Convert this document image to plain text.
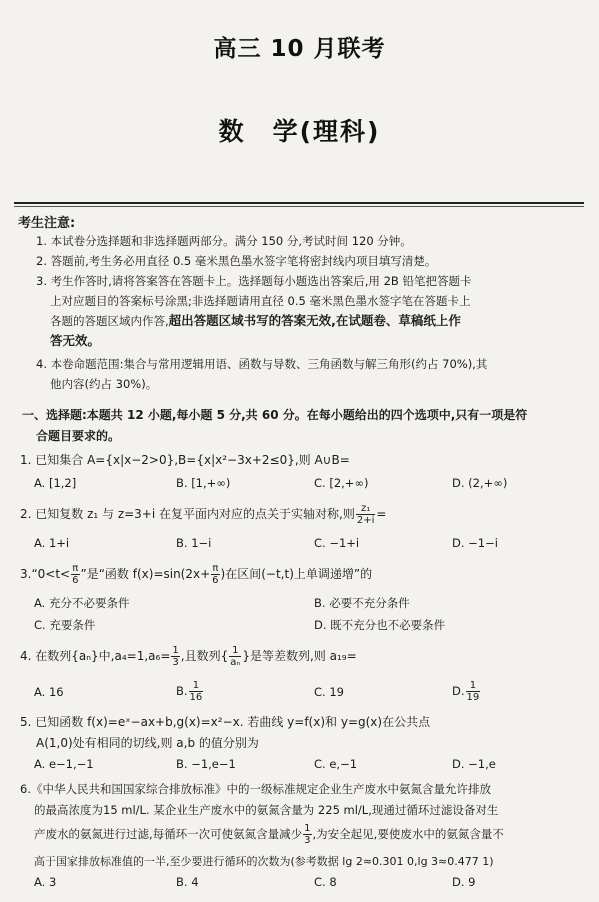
高三 10 月联考
数　学(理科)
考生注意:
1. 本试卷分选择题和非选择题两部分。满分 150 分,考试时间 120 分钟。
2. 答题前,考生务必用直径 0.5 毫米黑色墨水签字笔将密封线内项目填写清楚。
3. 考生作答时,请将答案答在答题卡上。选择题每小题选出答案后,用 2B 铅笔把答题卡
上对应题目的答案标号涂黑;非选择题请用直径 0.5 毫米黑色墨水签字笔在答题卡上
各题的答题区域内作答,超出答题区域书写的答案无效,在试题卷、草稿纸上作
答无效。
4. 本卷命题范围:集合与常用逻辑用语、函数与导数、三角函数与解三角形(约占 70%),其
他内容(约占 30%)。
一、选择题:本题共 12 小题,每小题 5 分,共 60 分。在每小题给出的四个选项中,只有一项是符
合题目要求的。
1. 已知集合 A={x|x−2>0},B={x|x²−3x+2≤0},则 A∪B=
A. [1,2]	B. [1,+∞)	C. [2,+∞)	D. (2,+∞)
2. 已知复数 z₁ 与 z=3+i 在复平面内对应的点关于实轴对称,则 $\frac{\text{z₁}}{2+i}$ =
A. 1+i	B. 1−i	C. −1+i	D. −1−i
3.“0<t< $\frac{\pi}{6}$ ”是“函数 $f(x)=\sin(2x+ \frac{\pi}{6}$ )在区间(−t,t)上单调递增”的
A. 充分不必要条件	B. 必要不充分条件
C. 充要条件	D. 既不充分也不必要条件
4. 在数列{aₙ}中$,a_4=1,a_6= \frac{1}{3}$ ,且数列{ $\frac{1}{\text{aₙ}}$ }是等差数列,则 a₁₉=
A. 16	B. $\frac{1}{16}$	C. 19	D. $\frac{1}{19}$
5. 已知函数 f(x)=eˣ−ax+b,g(x)=x²−x. 若曲线 y=f(x)和 y=g(x)在公共点
A(1,0)处有相同的切线,则 a,b 的值分别为
A. e−1,−1	B. −1,e−1	C. e,−1	D. −1,e
6.《中华人民共和国国家综合排放标准》中的一级标准规定企业生产废水中氨氮含量允许排放
的最高浓度为15 ml/L. 某企业生产废水中的氨氮含量为 225 ml/L,现通过循环过滤设备对生
产废水的氨氮进行过滤,每循环一次可使氨氮含量减少 $\frac{1}{3}$ ,为安全起见,要使废水中的氨氮含量不
高于国家排放标准值的一半,至少要进行循环的次数为(参考数据 lg 2≈0.301 0,lg 3≈0.477 1)
A. 3	B. 4	C. 8	D. 9
